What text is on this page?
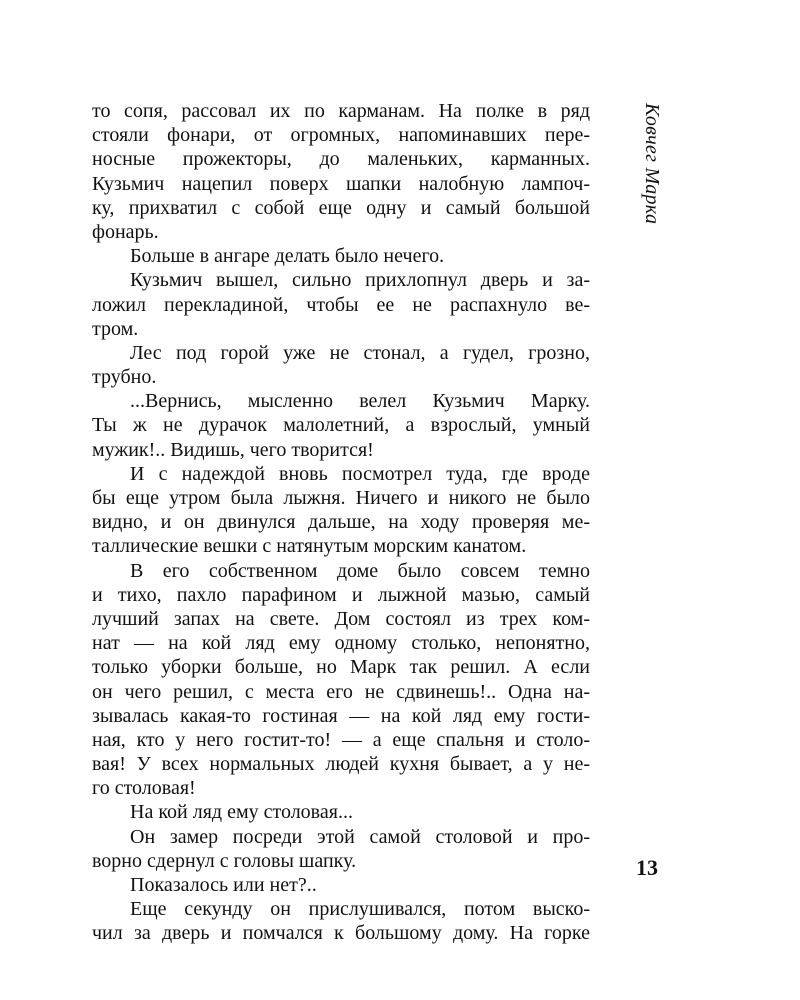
Ковчег Марка
то сопя, рассовал их по карманам. На полке в ряд
стояли фонари, от огромных, напоминавших пере-
носные прожекторы, до маленьких, карманных.
Кузьмич нацепил поверх шапки налобную лампоч-
ку, прихватил с собой еще одну и самый большой
фонарь.
Больше в ангаре делать было нечего.
Кузьмич вышел, сильно прихлопнул дверь и за-
ложил перекладиной, чтобы ее не распахнуло ве-
тром.
Лес под горой уже не стонал, а гудел, грозно,
трубно.
...Вернись, мысленно велел Кузьмич Марку.
Ты ж не дурачок малолетний, а взрослый, умный
мужик!.. Видишь, чего творится!
И с надеждой вновь посмотрел туда, где вроде
бы еще утром была лыжня. Ничего и никого не было
видно, и он двинулся дальше, на ходу проверяя ме-
таллические вешки с натянутым морским канатом.
В его собственном доме было совсем темно
и тихо, пахло парафином и лыжной мазью, самый
лучший запах на свете. Дом состоял из трех ком-
нат — на кой ляд ему одному столько, непонятно,
только уборки больше, но Марк так решил. А если
он чего решил, с места его не сдвинешь!.. Одна на-
зывалась какая-то гостиная — на кой ляд ему гости-
ная, кто у него гостит-то! — а еще спальня и столо-
вая! У всех нормальных людей кухня бывает, а у не-
го столовая!
На кой ляд ему столовая...
Он замер посреди этой самой столовой и про-
ворно сдернул с головы шапку.
Показалось или нет?..
Еще секунду он прислушивался, потом выско-
чил за дверь и помчался к большому дому. На горке
13
